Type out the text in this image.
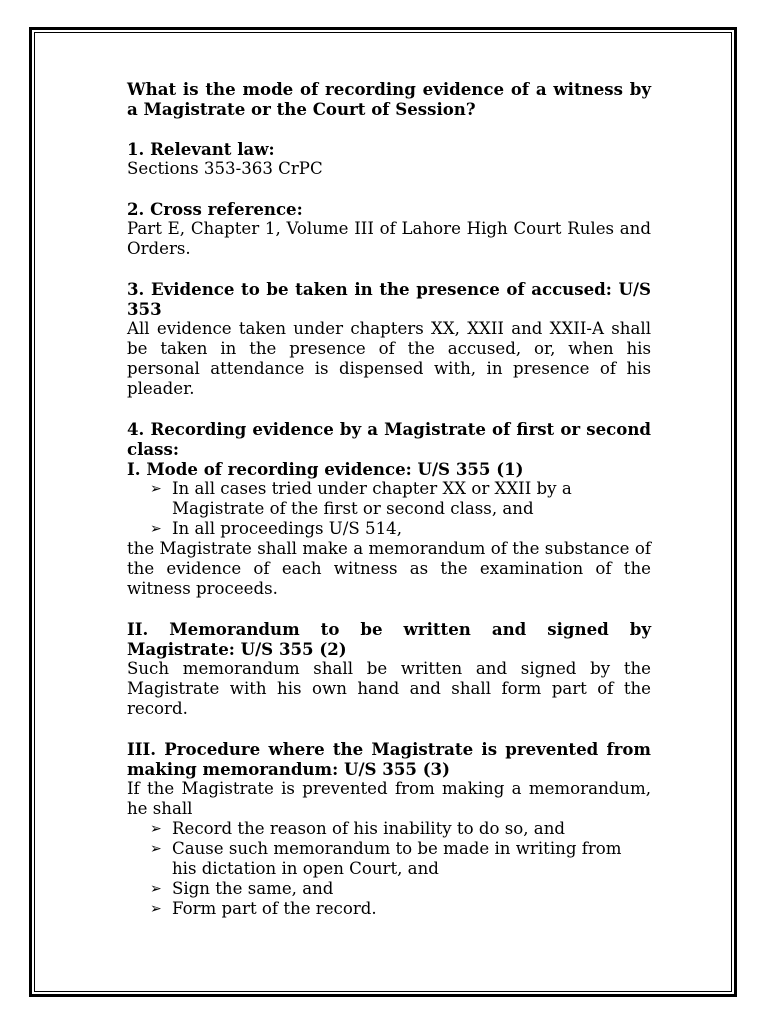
What is the mode of recording evidence of a witness by a Magistrate or the Court of Session?

1. Relevant law:

Sections 353-363 CrPC

2. Cross reference:

Part E, Chapter 1, Volume III of Lahore High Court Rules and Orders.

3. Evidence to be taken in the presence of accused: U/S 353

All evidence taken under chapters XX, XXII and XXII-A shall be taken in the presence of the accused, or, when his personal attendance is dispensed with, in presence of his pleader.

4. Recording evidence by a Magistrate of first or second class:

I. Mode of recording evidence: U/S 355 (1)

➢ In all cases tried under chapter XX or XXII by a Magistrate of the first or second class, and
➢ In all proceedings U/S 514,

the Magistrate shall make a memorandum of the substance of the evidence of each witness as the examination of the witness proceeds.

II. Memorandum to be written and signed by Magistrate: U/S 355 (2)

Such memorandum shall be written and signed by the Magistrate with his own hand and shall form part of the record.

III. Procedure where the Magistrate is prevented from making memorandum: U/S 355 (3)

If the Magistrate is prevented from making a memorandum, he shall

➢ Record the reason of his inability to do so, and
➢ Cause such memorandum to be made in writing from his dictation in open Court, and
➢ Sign the same, and
➢ Form part of the record.
